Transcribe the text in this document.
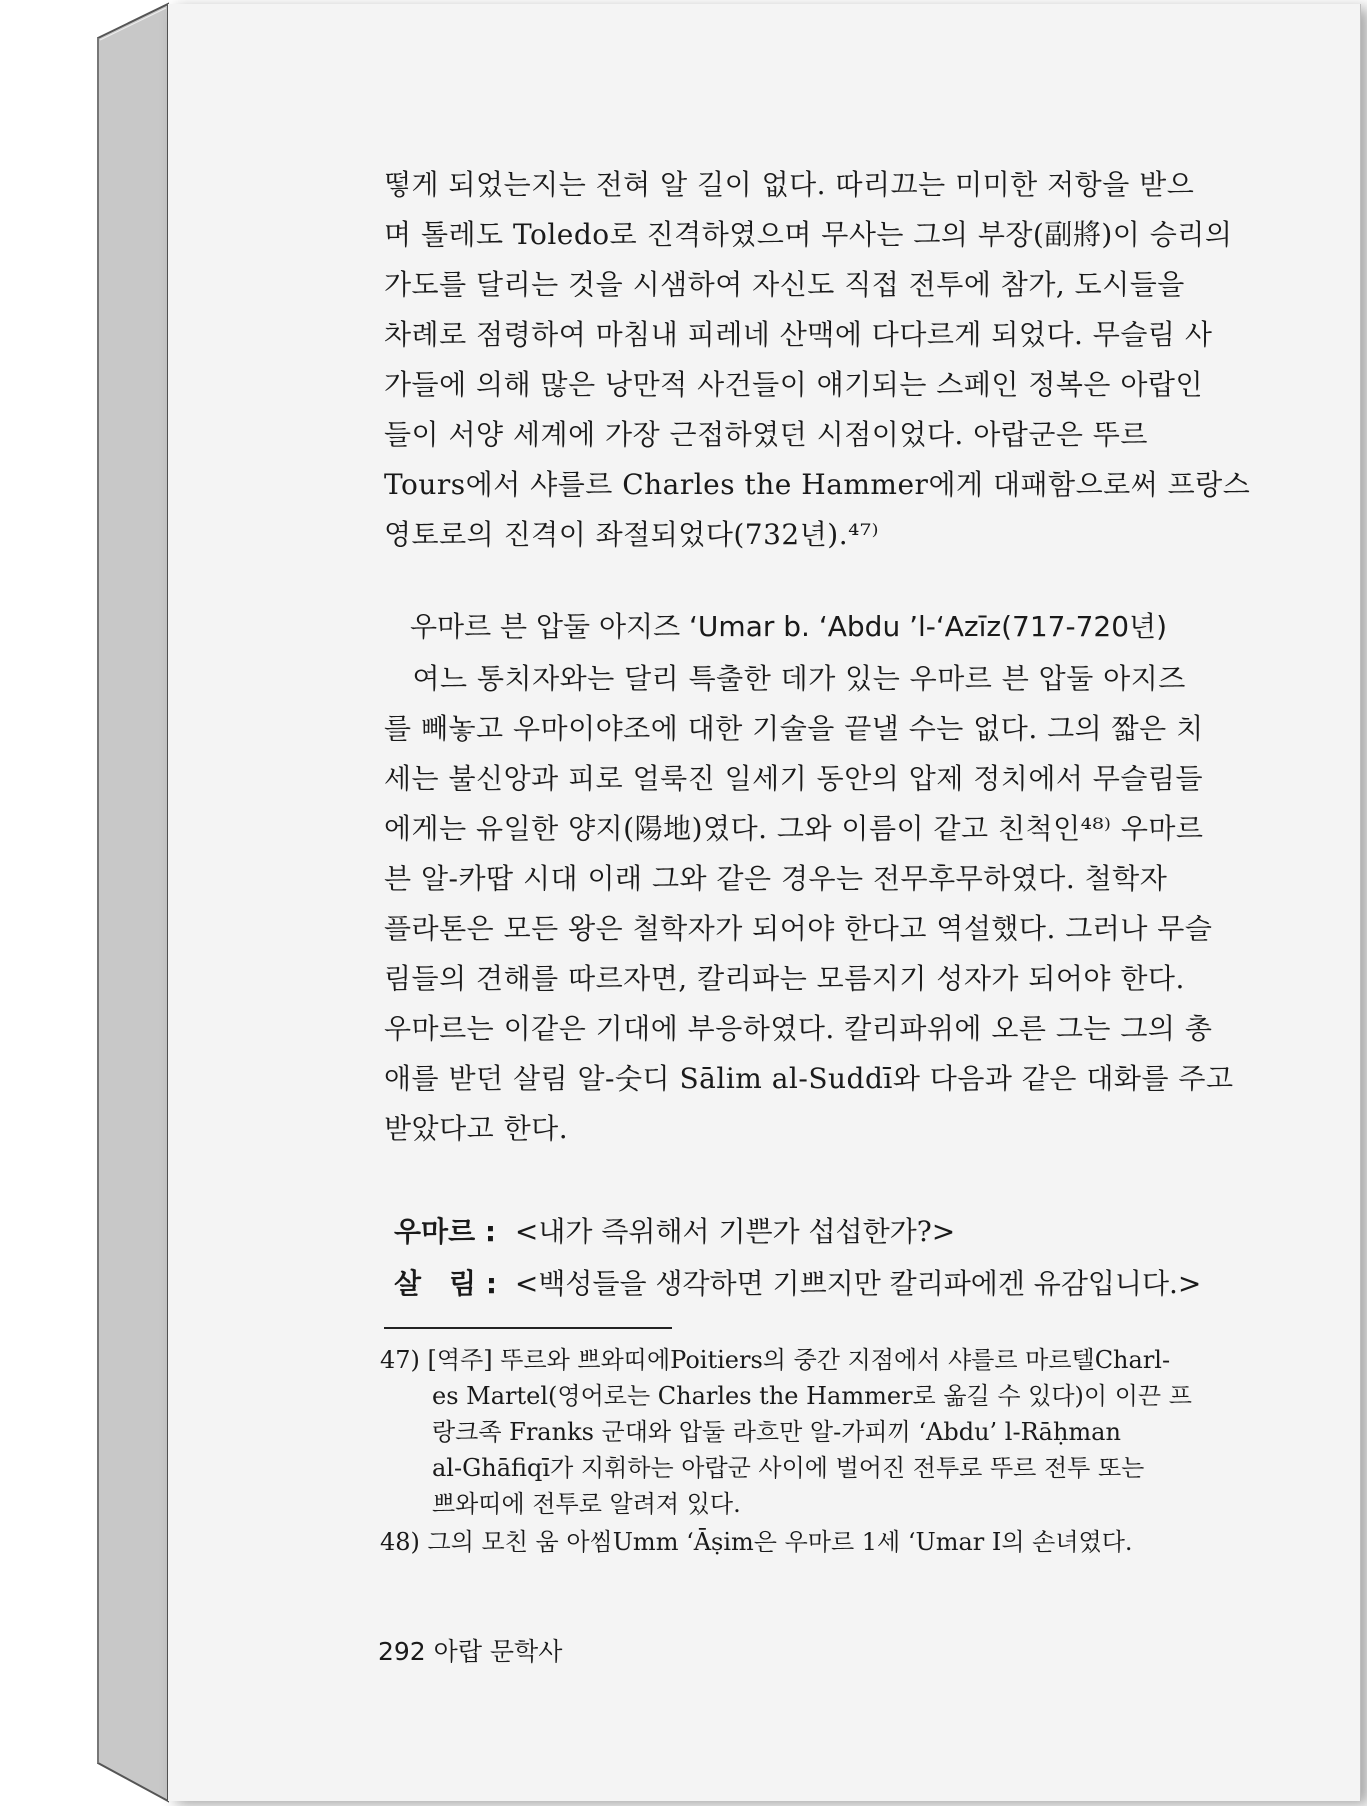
떻게 되었는지는 전혀 알 길이 없다. 따리끄는 미미한 저항을 받으
며 톨레도 Toledo로 진격하였으며 무사는 그의 부장(副將)이 승리의
가도를 달리는 것을 시샘하여 자신도 직접 전투에 참가, 도시들을
차례로 점령하여 마침내 피레네 산맥에 다다르게 되었다. 무슬림 사
가들에 의해 많은 낭만적 사건들이 얘기되는 스페인 정복은 아랍인
들이 서양 세계에 가장 근접하였던 시점이었다. 아랍군은 뚜르
Tours에서 샤를르 Charles the Hammer에게 대패함으로써 프랑스
영토로의 진격이 좌절되었다(732년).⁴⁷⁾
우마르 븐 압둘 아지즈 ‘Umar b. ‘Abdu ’l-‘Azīz(717-720년)
　여느 통치자와는 달리 특출한 데가 있는 우마르 븐 압둘 아지즈
를 빼놓고 우마이야조에 대한 기술을 끝낼 수는 없다. 그의 짧은 치
세는 불신앙과 피로 얼룩진 일세기 동안의 압제 정치에서 무슬림들
에게는 유일한 양지(陽地)였다. 그와 이름이 같고 친척인⁴⁸⁾ 우마르
븐 알-카땁 시대 이래 그와 같은 경우는 전무후무하였다. 철학자
플라톤은 모든 왕은 철학자가 되어야 한다고 역설했다. 그러나 무슬
림들의 견해를 따르자면, 칼리파는 모름지기 성자가 되어야 한다.
우마르는 이같은 기대에 부응하였다. 칼리파위에 오른 그는 그의 총
애를 받던 살림 알-숫디 Sālim al-Suddī와 다음과 같은 대화를 주고
받았다고 한다.
우마르 : <내가 즉위해서 기쁜가 섭섭한가?>
살　림 : <백성들을 생각하면 기쁘지만 칼리파에겐 유감입니다.>
47) [역주] 뚜르와 쁘와띠에Poitiers의 중간 지점에서 샤를르 마르텔Charl-
es Martel(영어로는 Charles the Hammer로 옮길 수 있다)이 이끈 프
랑크족 Franks 군대와 압둘 라흐만 알-가피끼 ‘Abdu’ l-Rāḥman
al-Ghāfiqī가 지휘하는 아랍군 사이에 벌어진 전투로 뚜르 전투 또는
쁘와띠에 전투로 알려져 있다.
48) 그의 모친 움 아씸Umm ‘Āṣim은 우마르 1세 ‘Umar Ⅰ의 손녀였다.
292 아랍 문학사
